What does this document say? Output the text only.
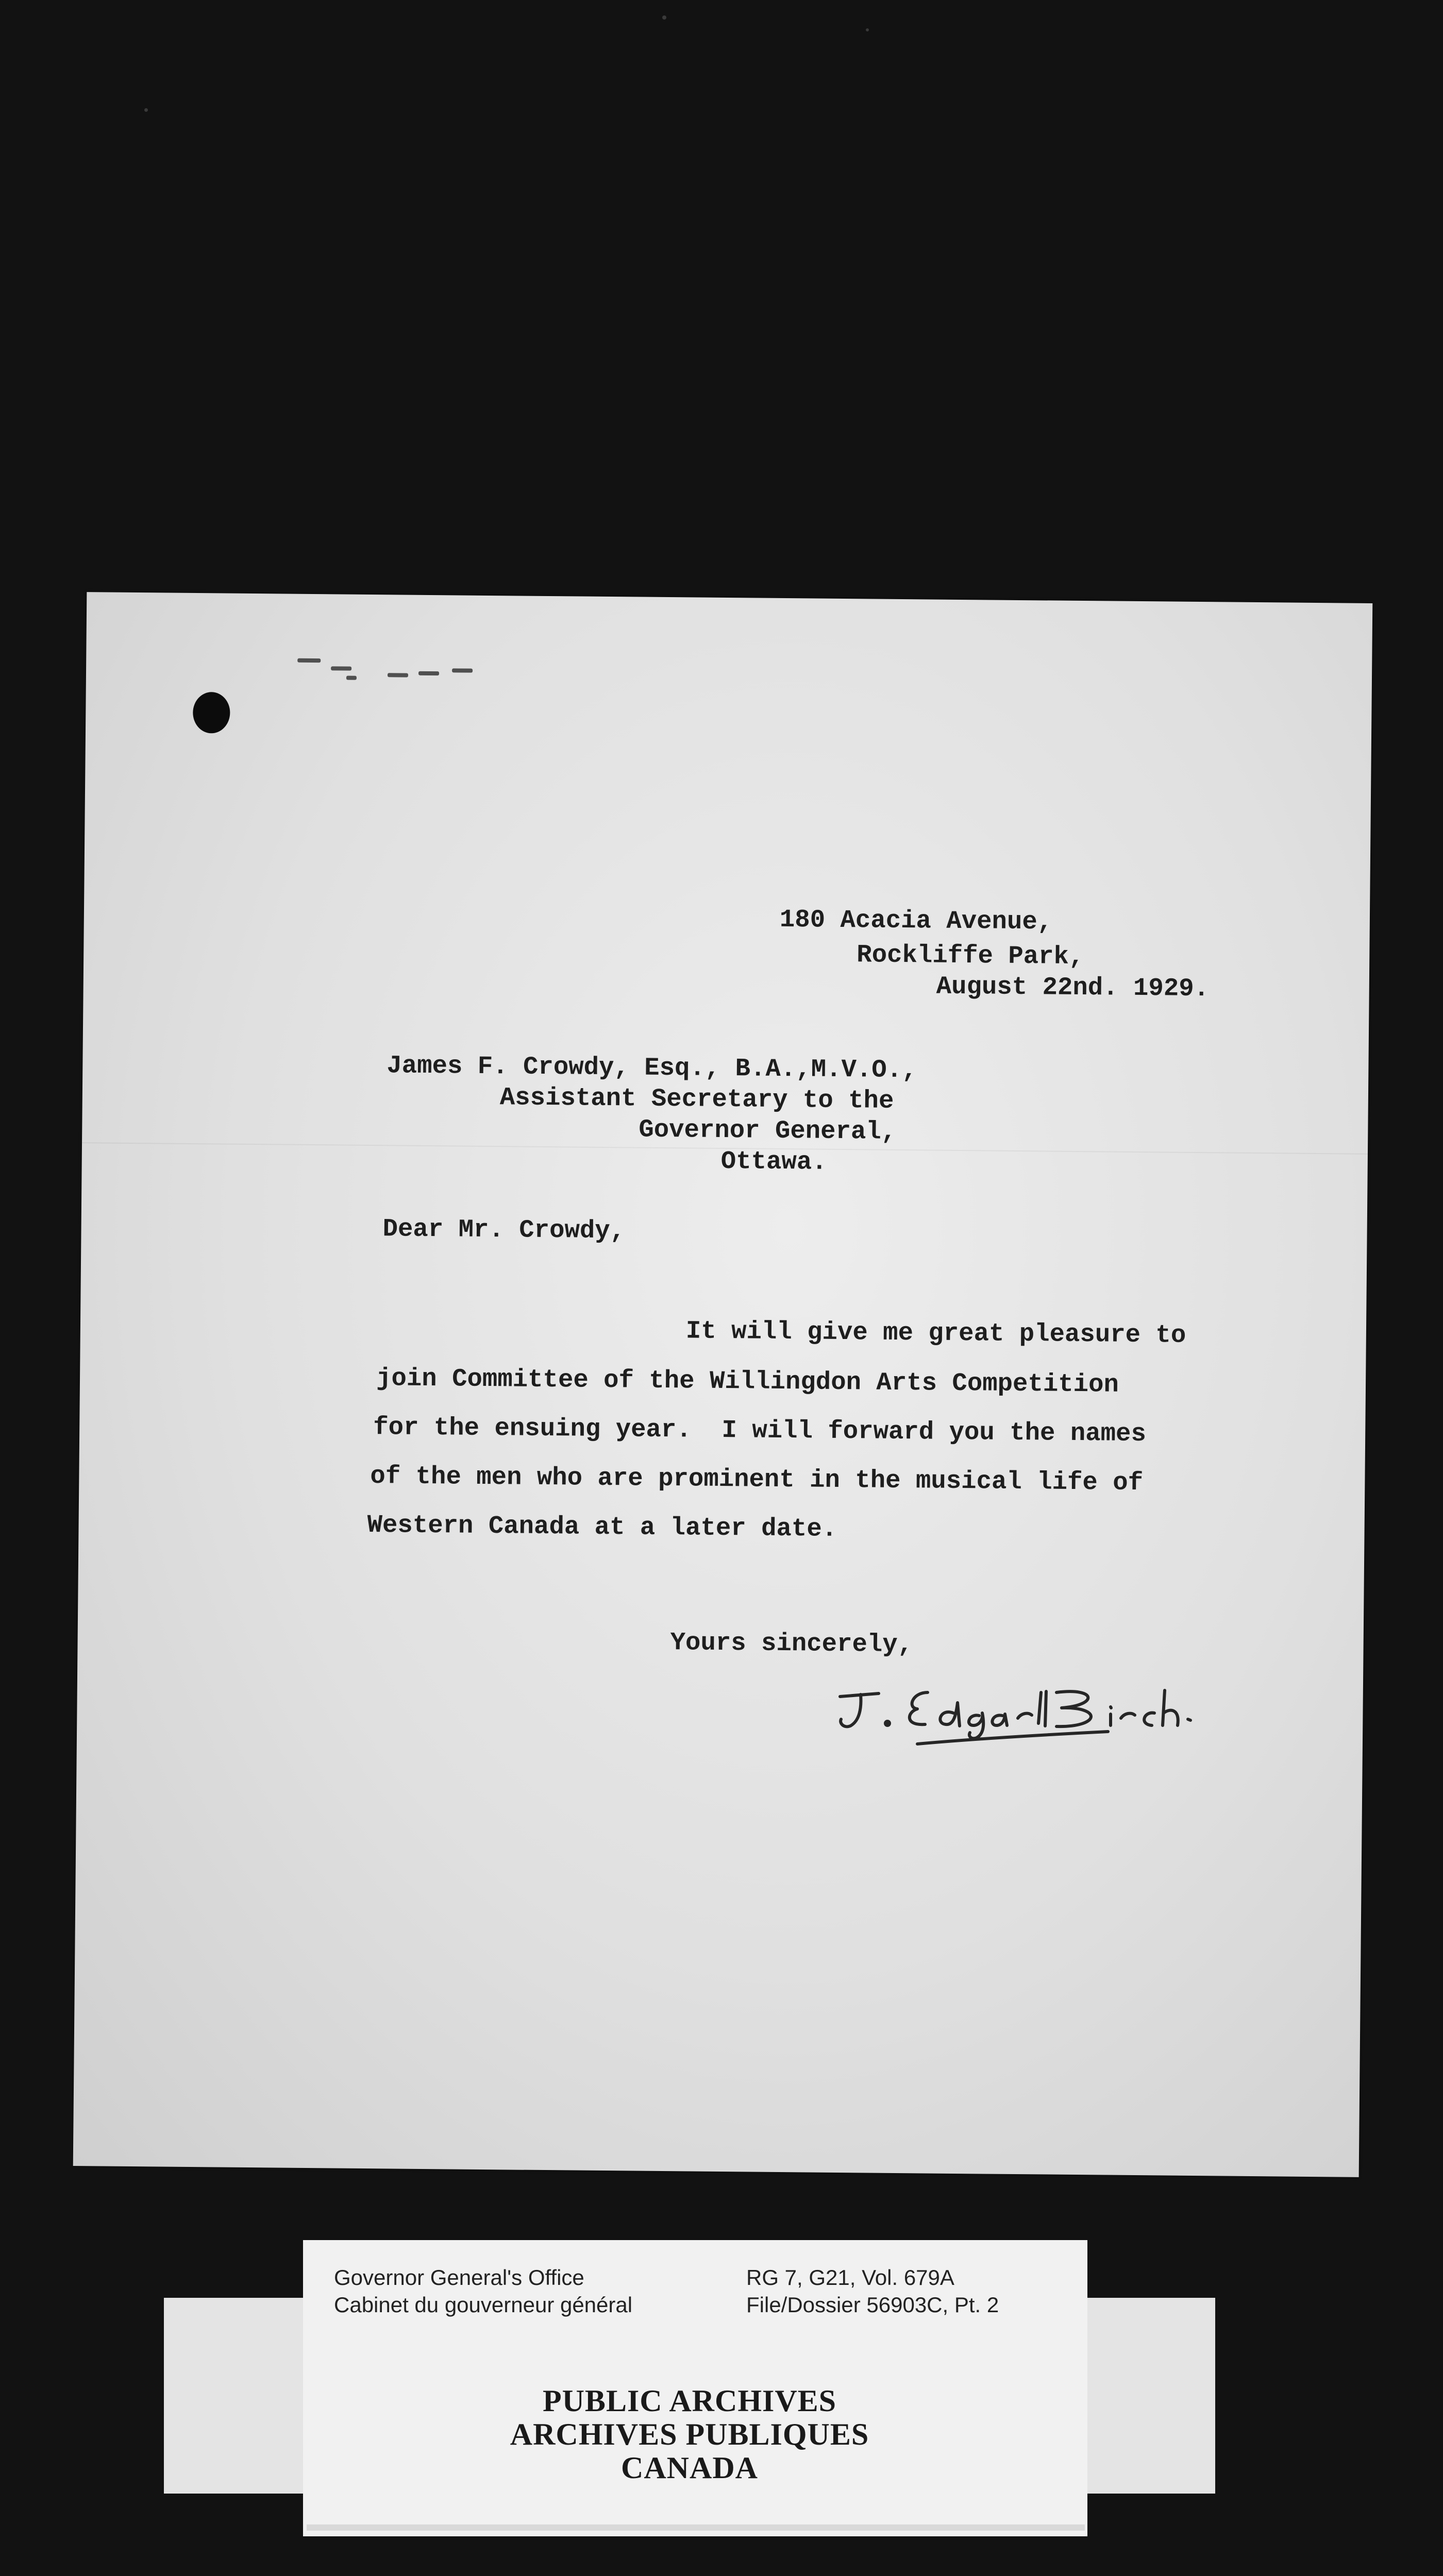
180 Acacia Avenue,
Rockliffe Park,
August 22nd. 1929.
James F. Crowdy, Esq., B.A.,M.V.O.,
Assistant Secretary to the
Governor General,
Ottawa.
Dear Mr. Crowdy,
It will give me great pleasure to
join Committee of the Willingdon Arts Competition
for the ensuing year.  I will forward you the names
of the men who are prominent in the musical life of
Western Canada at a later date.
Yours sincerely,
Governor General's Office
Cabinet du gouverneur général
RG 7, G21, Vol. 679A
File/Dossier 56903C, Pt. 2
PUBLIC ARCHIVES
ARCHIVES PUBLIQUES
CANADA
